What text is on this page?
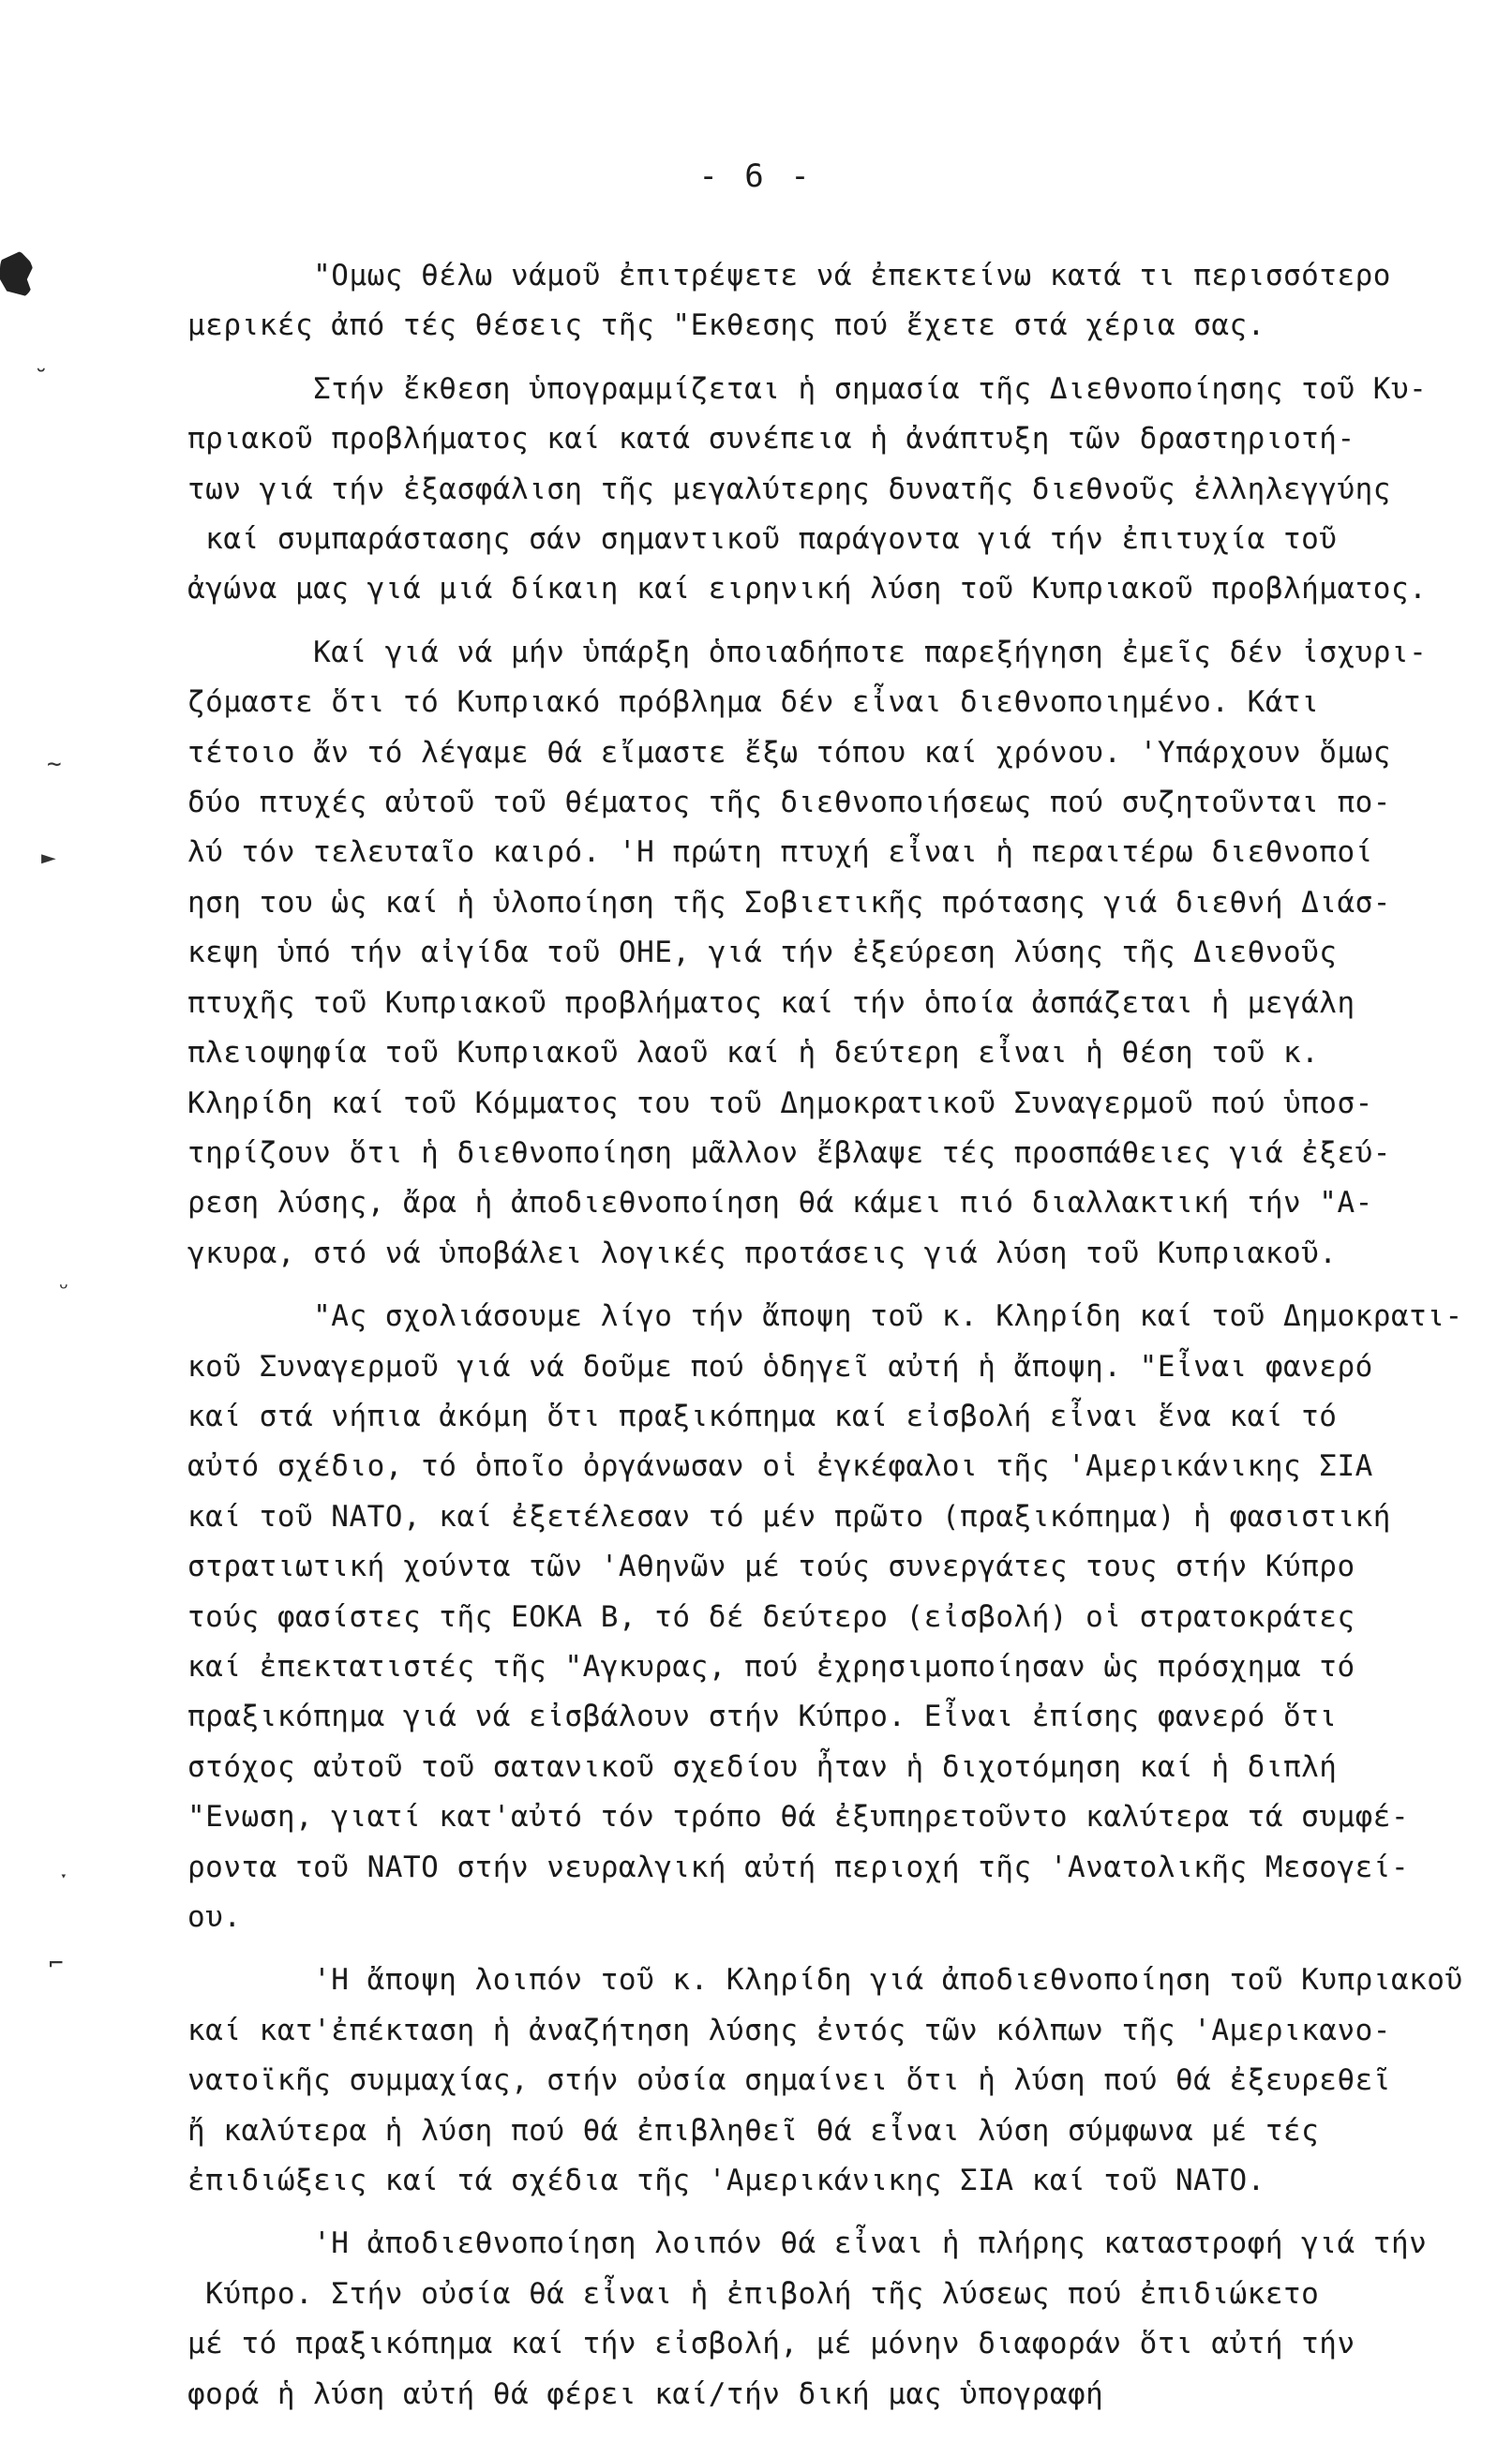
˘
~
►
ᵕ
ˑ
⌐
- 6 -
"Ομως θέλω νάμοῦ ἐπιτρέψετε νά ἐπεκτείνω κατά τι περισσότερο
μερικές ἀπό τές θέσεις τῆς "Εκθεσης πού ἔχετε στά χέρια σας.
Στήν ἔκθεση ὑπογραμμίζεται ἡ σημασία τῆς Διεθνοποίησης τοῦ Κυ-
πριακοῦ προβλήματος καί κατά συνέπεια ἡ ἀνάπτυξη τῶν δραστηριοτή-
των γιά τήν ἐξασφάλιση τῆς μεγαλύτερης δυνατῆς διεθνοῦς ἐλληλεγγύης
καί συμπαράστασης σάν σημαντικοῦ παράγοντα γιά τήν ἐπιτυχία τοῦ
ἀγώνα μας γιά μιά δίκαιη καί ειρηνική λύση τοῦ Κυπριακοῦ προβλήματος.
Καί γιά νά μήν ὑπάρξη ὁποιαδήποτε παρεξήγηση ἐμεῖς δέν ἰσχυρι-
ζόμαστε ὅτι τό Κυπριακό πρόβλημα δέν εἶναι διεθνοποιημένο. Κάτι
τέτοιο ἄν τό λέγαμε θά εἴμαστε ἔξω τόπου καί χρόνου. 'Υπάρχουν ὅμως
δύο πτυχές αὐτοῦ τοῦ θέματος τῆς διεθνοποιήσεως πού συζητοῦνται πο-
λύ τόν τελευταῖο καιρό. 'Η πρώτη πτυχή εἶναι ἡ περαιτέρω διεθνοποί
ηση του ὡς καί ἡ ὑλοποίηση τῆς Σοβιετικῆς πρότασης γιά διεθνή Διάσ-
κεψη ὑπό τήν αἰγίδα τοῦ ΟΗΕ, γιά τήν ἐξεύρεση λύσης τῆς Διεθνοῦς
πτυχῆς τοῦ Κυπριακοῦ προβλήματος καί τήν ὁποία ἀσπάζεται ἡ μεγάλη
πλειοψηφία τοῦ Κυπριακοῦ λαοῦ καί ἡ δεύτερη εἶναι ἡ θέση τοῦ κ.
Κληρίδη καί τοῦ Κόμματος του τοῦ Δημοκρατικοῦ Συναγερμοῦ πού ὑποσ-
τηρίζουν ὅτι ἡ διεθνοποίηση μᾶλλον ἔβλαψε τές προσπάθειες γιά ἐξεύ-
ρεση λύσης, ἄρα ἡ ἀποδιεθνοποίηση θά κάμει πιό διαλλακτική τήν "Α-
γκυρα, στό νά ὑποβάλει λογικές προτάσεις γιά λύση τοῦ Κυπριακοῦ.
"Ας σχολιάσουμε λίγο τήν ἄποψη τοῦ κ. Κληρίδη καί τοῦ Δημοκρατι-
κοῦ Συναγερμοῦ γιά νά δοῦμε πού ὁδηγεῖ αὐτή ἡ ἄποψη. "Εἶναι φανερό
καί στά νήπια ἀκόμη ὅτι πραξικόπημα καί εἰσβολή εἶναι ἕνα καί τό
αὐτό σχέδιο, τό ὁποῖο ὀργάνωσαν οἱ ἐγκέφαλοι τῆς 'Αμερικάνικης ΣΙΑ
καί τοῦ ΝΑΤΟ, καί ἐξετέλεσαν τό μέν πρῶτο (πραξικόπημα) ἡ φασιστική
στρατιωτική χούντα τῶν 'Αθηνῶν μέ τούς συνεργάτες τους στήν Κύπρο
τούς φασίστες τῆς ΕΟΚΑ Β, τό δέ δεύτερο (εἰσβολή) οἱ στρατοκράτες
καί ἐπεκτατιστές τῆς "Αγκυρας, πού ἐχρησιμοποίησαν ὡς πρόσχημα τό
πραξικόπημα γιά νά εἰσβάλουν στήν Κύπρο. Εἶναι ἐπίσης φανερό ὅτι
στόχος αὐτοῦ τοῦ σατανικοῦ σχεδίου ἦταν ἡ διχοτόμηση καί ἡ διπλή
"Ενωση, γιατί κατ'αὐτό τόν τρόπο θά ἐξυπηρετοῦντο καλύτερα τά συμφέ-
ροντα τοῦ ΝΑΤΟ στήν νευραλγική αὐτή περιοχή τῆς 'Ανατολικῆς Μεσογεί-
ου.
'Η ἄποψη λοιπόν τοῦ κ. Κληρίδη γιά ἀποδιεθνοποίηση τοῦ Κυπριακοῦ
καί κατ'ἐπέκταση ἡ ἀναζήτηση λύσης ἐντός τῶν κόλπων τῆς 'Αμερικανο-
νατοϊκῆς συμμαχίας, στήν οὐσία σημαίνει ὅτι ἡ λύση πού θά ἐξευρεθεῖ
ἤ καλύτερα ἡ λύση πού θά ἐπιβληθεῖ θά εἶναι λύση σύμφωνα μέ τές
ἐπιδιώξεις καί τά σχέδια τῆς 'Αμερικάνικης ΣΙΑ καί τοῦ ΝΑΤΟ.
'Η ἀποδιεθνοποίηση λοιπόν θά εἶναι ἡ πλήρης καταστροφή γιά τήν
Κύπρο. Στήν οὐσία θά εἶναι ἡ ἐπιβολή τῆς λύσεως πού ἐπιδιώκετο
μέ τό πραξικόπημα καί τήν εἰσβολή, μέ μόνην διαφοράν ὅτι αὐτή τήν
φορά ἡ λύση αὐτή θά φέρει καί/τήν δική μας ὑπογραφή
